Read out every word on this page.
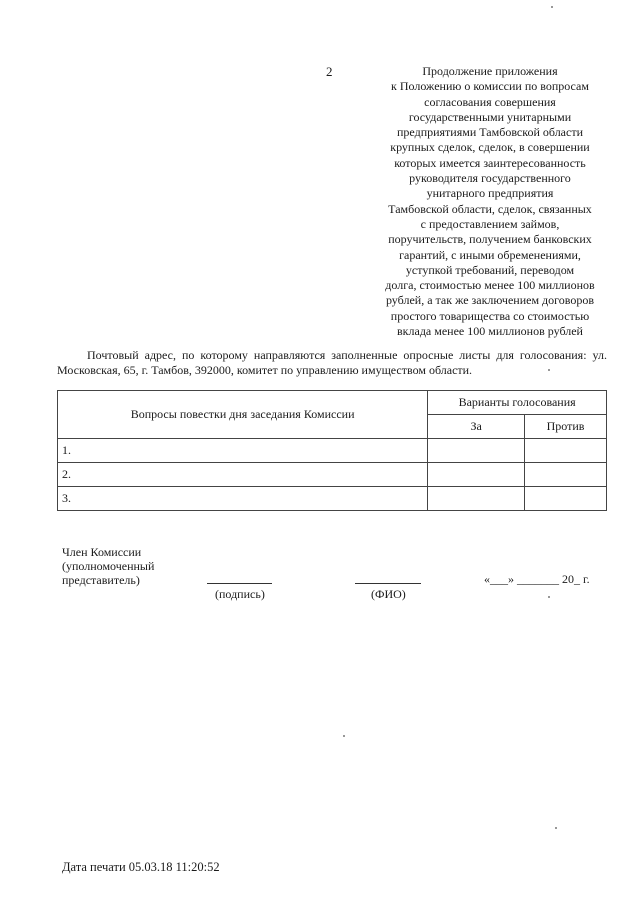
2	Продолжение приложения
к Положению о комиссии по вопросам
согласования совершения
государственными унитарными
предприятиями Тамбовской области
крупных сделок, сделок, в совершении
которых имеется заинтересованность
руководителя государственного
унитарного предприятия
Тамбовской области, сделок, связанных
с предоставлением займов,
поручительств, получением банковских
гарантий, с иными обременениями,
уступкой требований, переводом
долга, стоимостью менее 100 миллионов
рублей, а так же заключением договоров
простого товарищества со стоимостью
вклада менее 100 миллионов рублей
Почтовый адрес, по которому направляются заполненные опросные листы для голосования: ул. Московская, 65, г. Тамбов, 392000, комитет по управлению имуществом области.
Вопросы повестки дня заседания Комиссии	Варианты голосования	
	За	Против
1.		
2.		
3.		
Член Комиссии
(уполномоченный
представитель)
(подпись)	(ФИО)
«___» _______ 20_ г.
Дата печати 05.03.18 11:20:52
